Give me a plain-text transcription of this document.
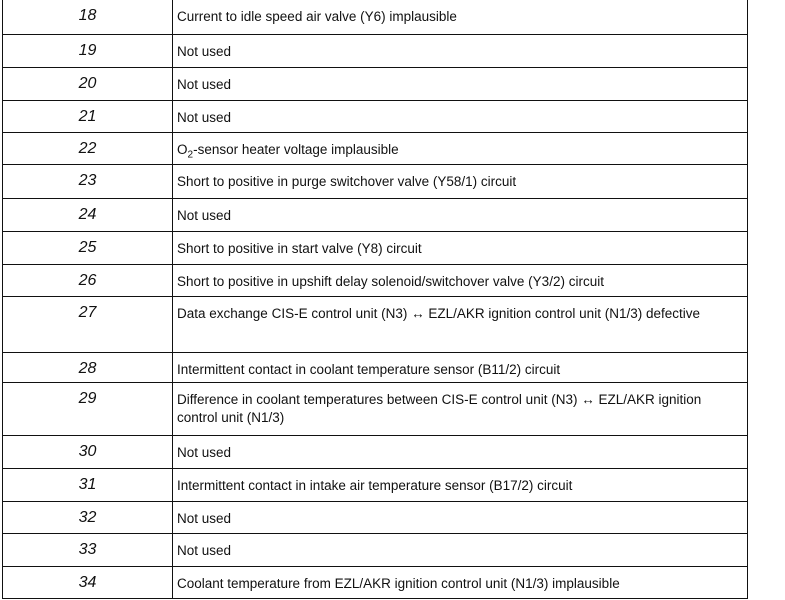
18	Current to idle speed air valve (Y6) implausible
19	Not used
20	Not used
21	Not used
22	$O_2$-sensor heater voltage implausible
23	Short to positive in purge switchover valve (Y58/1) circuit
24	Not used
25	Short to positive in start valve (Y8) circuit
26	Short to positive in upshift delay solenoid/switchover valve (Y3/2) circuit
27	Data exchange CIS-E control unit (N3) ↔ EZL/AKR ignition control unit (N1/3) defective
28	Intermittent contact in coolant temperature sensor (B11/2) circuit
29	Difference in coolant temperatures between CIS-E control unit (N3) ↔ EZL/AKR ignition control unit (N1/3)
30	Not used
31	Intermittent contact in intake air temperature sensor (B17/2) circuit
32	Not used
33	Not used
34	Coolant temperature from EZL/AKR ignition control unit (N1/3) implausible
